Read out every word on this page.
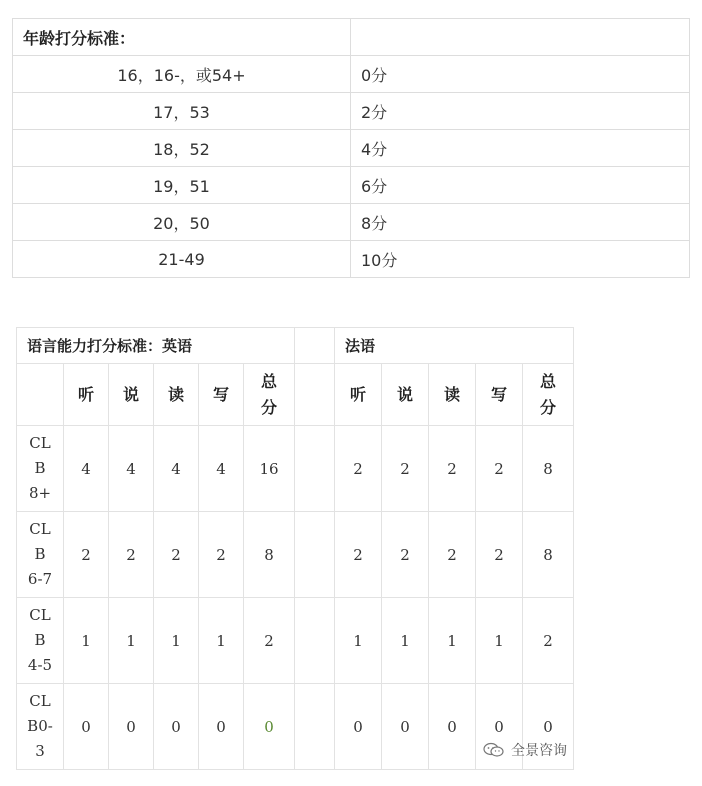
年龄打分标准：	
16，16-，或54+	0分
17，53	2分
18，52	4分
19，51	6分
20，50	8分
21-49	10分
语言能力打分标准：英语							法语				
	听	说	读	写	总分		听	说	读	写	总分

CL
B
8+	4	4	4	4	16		2	2	2	2	8

CL
B
6-7	2	2	2	2	8		2	2	2	2	8

CL
B
4-5	1	1	1	1	2		1	1	1	1	2

CL
B0-
3	0	0	0	0	0		0	0	0	0	0
全景咨询
